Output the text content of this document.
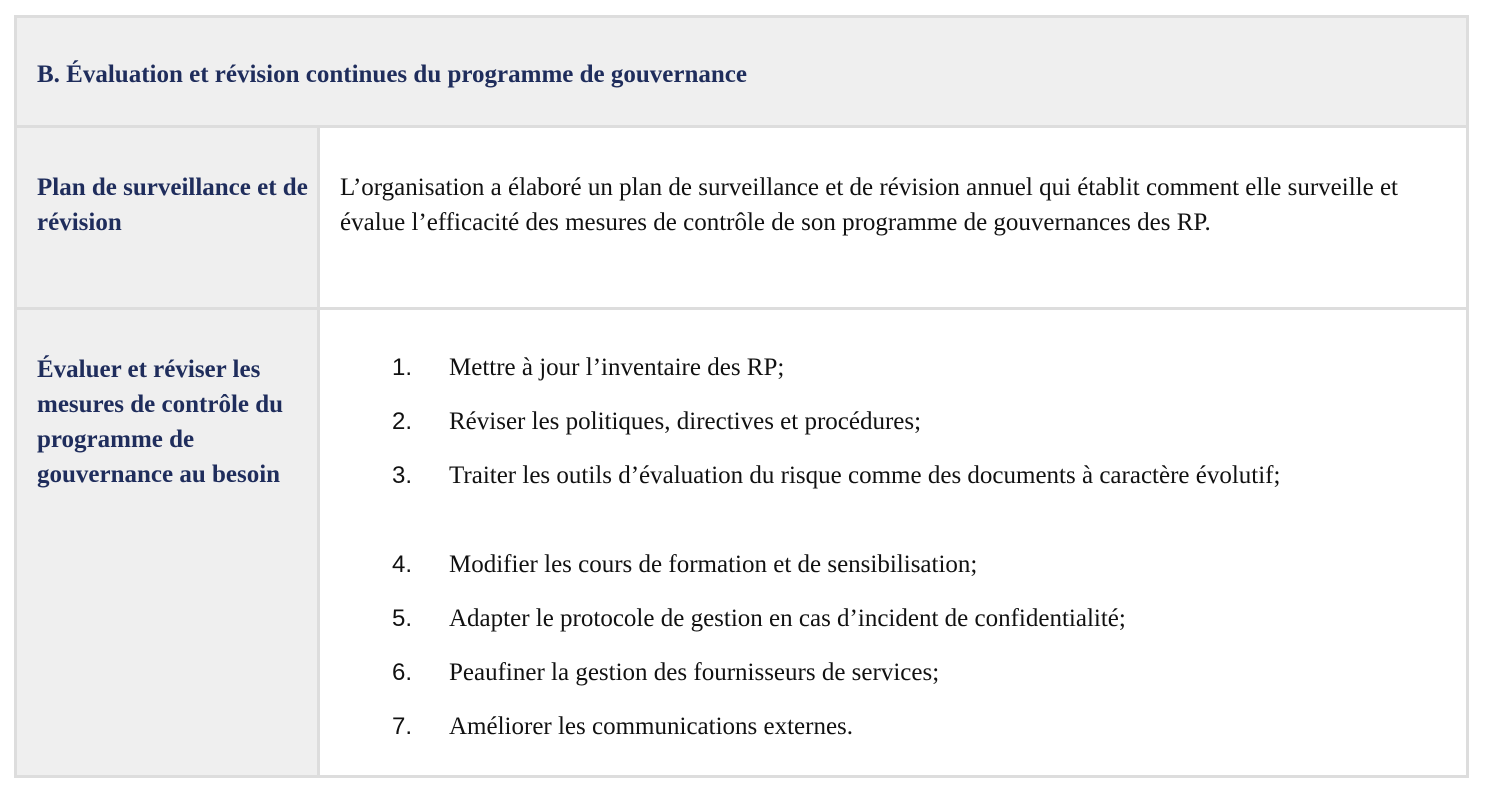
B. Évaluation et révision continues du programme de gouvernance

Plan de surveillance et de révision

L’organisation a élaboré un plan de surveillance et de révision annuel qui établit comment elle surveille et évalue l’efficacité des mesures de contrôle de son programme de gouvernances des RP.

Évaluer et réviser les mesures de contrôle du programme de gouvernance au besoin

1. Mettre à jour l’inventaire des RP;
2. Réviser les politiques, directives et procédures;
3. Traiter les outils d’évaluation du risque comme des documents à caractère évolutif;
4. Modifier les cours de formation et de sensibilisation;
5. Adapter le protocole de gestion en cas d’incident de confidentialité;
6. Peaufiner la gestion des fournisseurs de services;
7. Améliorer les communications externes.
